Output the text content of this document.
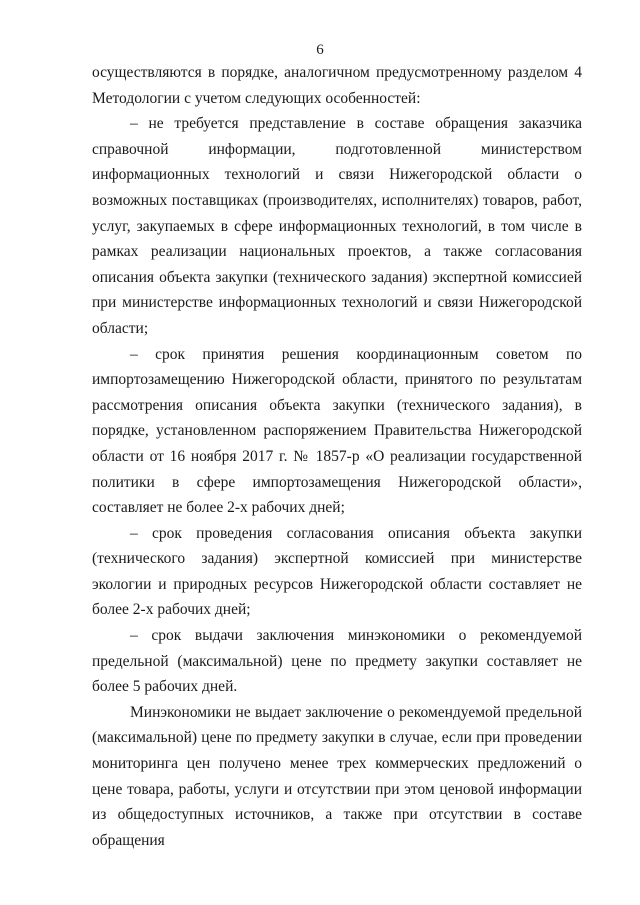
6

осуществляются в порядке, аналогичном предусмотренному разделом 4 Методологии с учетом следующих особенностей:

– не требуется представление в составе обращения заказчика справочной информации, подготовленной министерством информационных технологий и связи Нижегородской области о возможных поставщиках (производителях, исполнителях) товаров, работ, услуг, закупаемых в сфере информационных технологий, в том числе в рамках реализации национальных проектов, а также согласования описания объекта закупки (технического задания) экспертной комиссией при министерстве информационных технологий и связи Нижегородской области;

– срок принятия решения координационным советом по импортозамещению Нижегородской области, принятого по результатам рассмотрения описания объекта закупки (технического задания), в порядке, установленном распоряжением Правительства Нижегородской области от 16 ноября 2017 г. № 1857-р «О реализации государственной политики в сфере импортозамещения Нижегородской области», составляет не более 2-х рабочих дней;

– срок проведения согласования описания объекта закупки (технического задания) экспертной комиссией при министерстве экологии и природных ресурсов Нижегородской области составляет не более 2-х рабочих дней;

– срок выдачи заключения минэкономики о рекомендуемой предельной (максимальной) цене по предмету закупки составляет не более 5 рабочих дней.

Минэкономики не выдает заключение о рекомендуемой предельной (максимальной) цене по предмету закупки в случае, если при проведении мониторинга цен получено менее трех коммерческих предложений о цене товара, работы, услуги и отсутствии при этом ценовой информации из общедоступных источников, а также при отсутствии в составе обращения
